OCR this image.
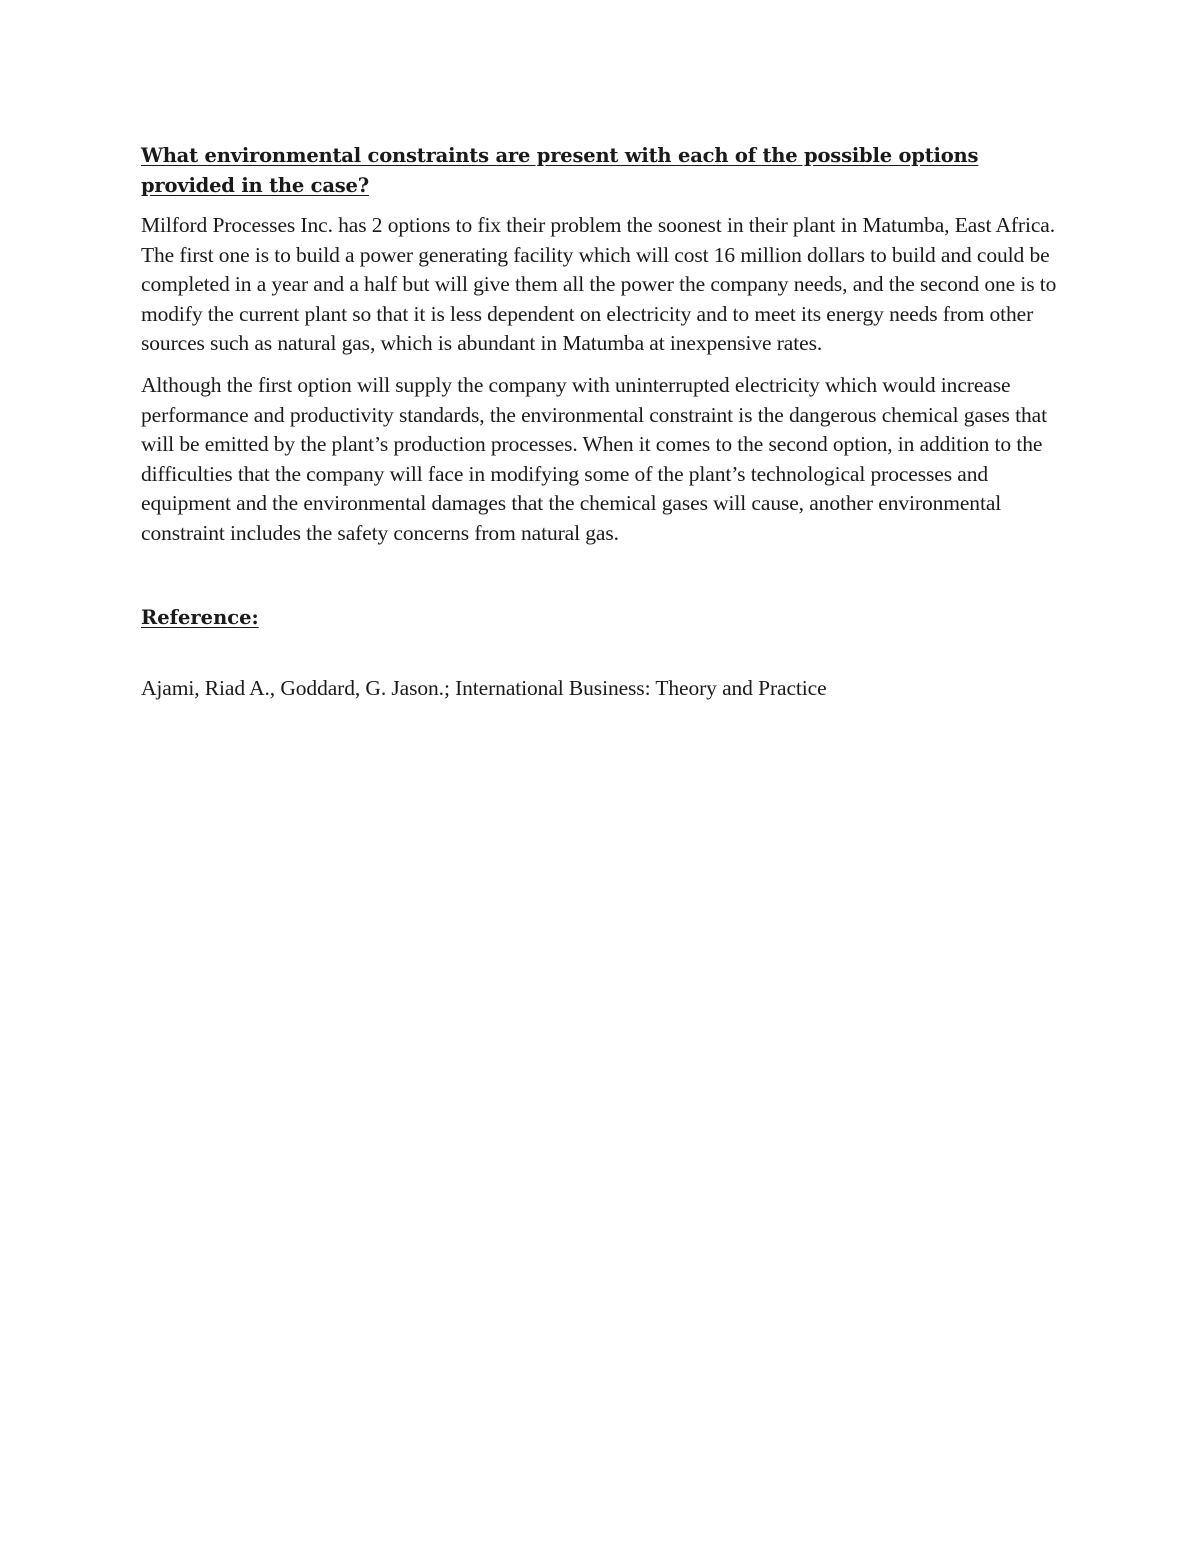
What environmental constraints are present with each of the possible options provided in the case?

Milford Processes Inc. has 2 options to fix their problem the soonest in their plant in Matumba, East Africa. The first one is to build a power generating facility which will cost 16 million dollars to build and could be completed in a year and a half but will give them all the power the company needs, and the second one is to modify the current plant so that it is less dependent on electricity and to meet its energy needs from other sources such as natural gas, which is abundant in Matumba at inexpensive rates.

Although the first option will supply the company with uninterrupted electricity which would increase performance and productivity standards, the environmental constraint is the dangerous chemical gases that will be emitted by the plant’s production processes. When it comes to the second option, in addition to the difficulties that the company will face in modifying some of the plant’s technological processes and equipment and the environmental damages that the chemical gases will cause, another environmental constraint includes the safety concerns from natural gas.

Reference:

Ajami, Riad A., Goddard, G. Jason.; International Business: Theory and Practice
